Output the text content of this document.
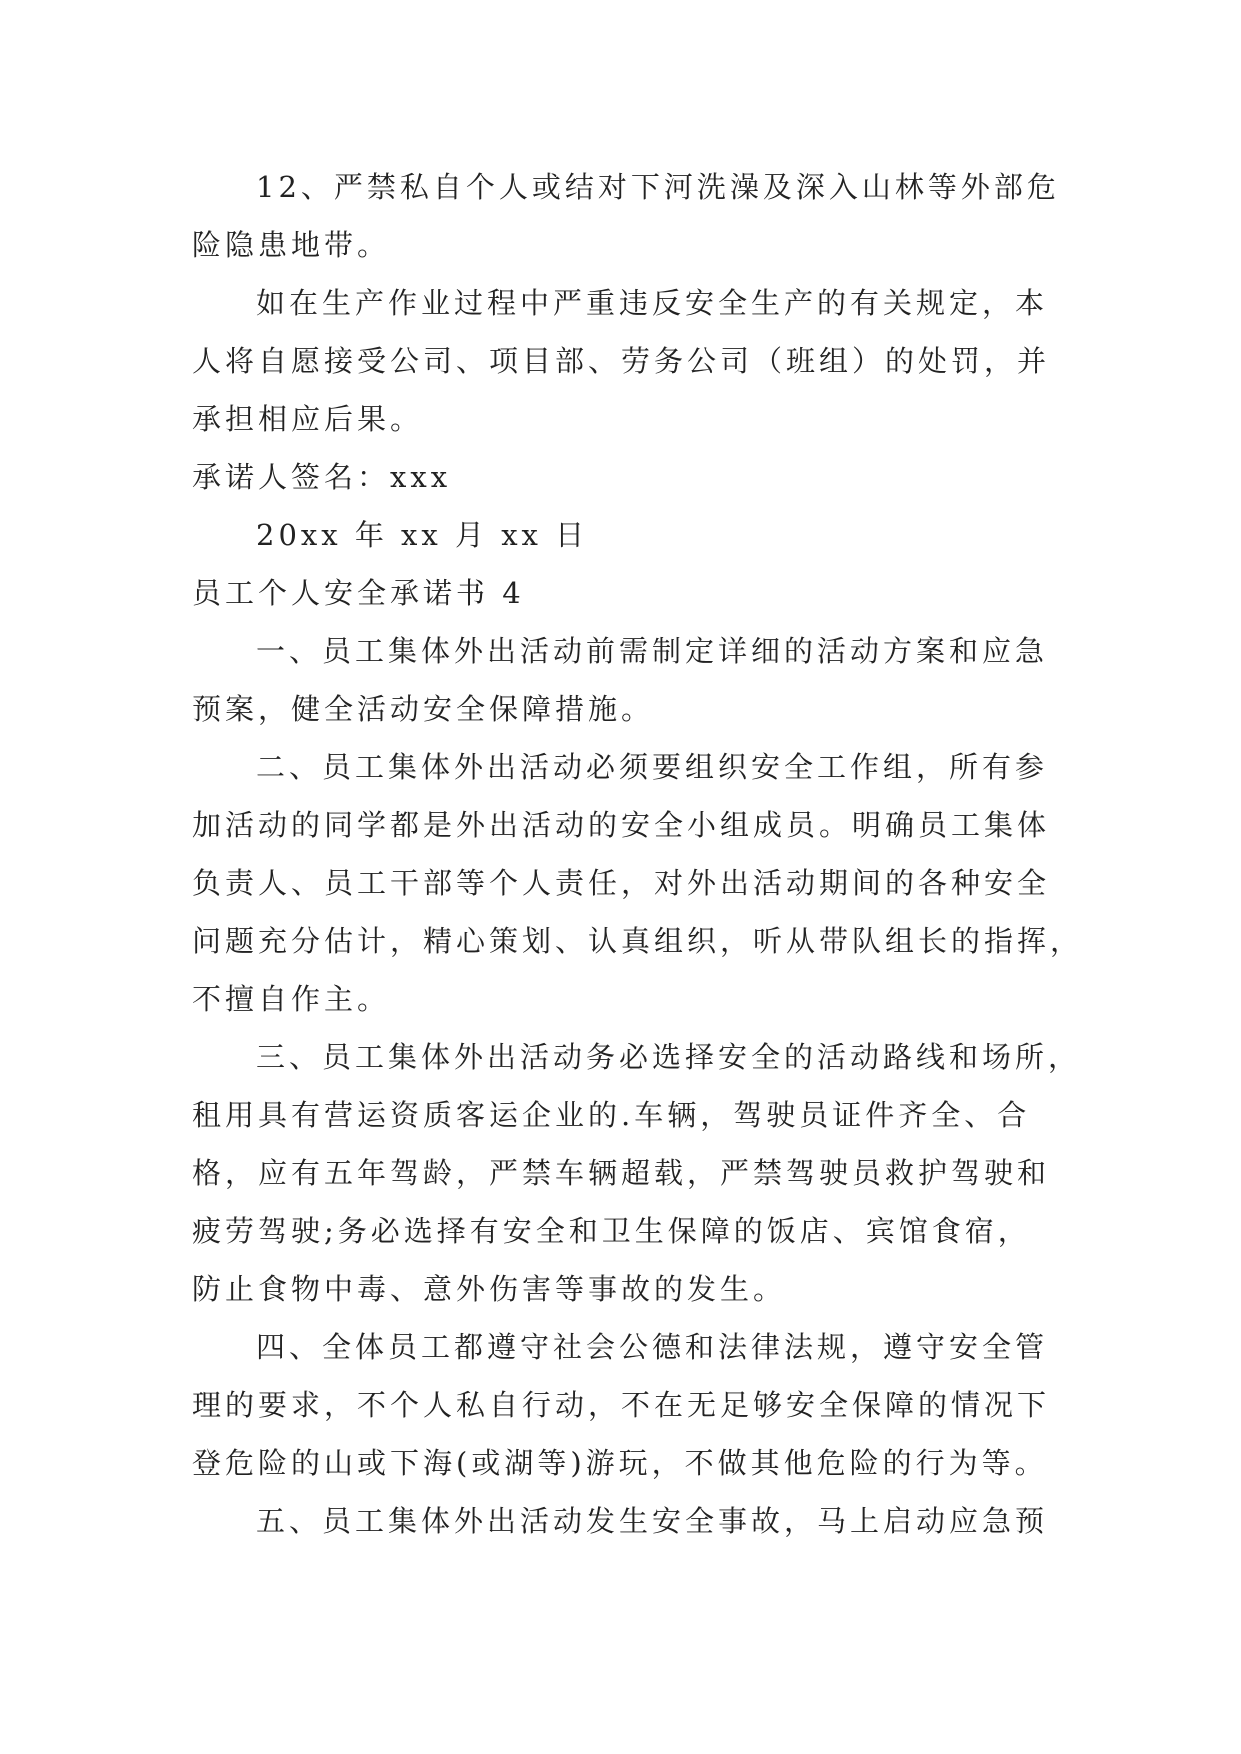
12、严禁私自个人或结对下河洗澡及深入山林等外部危
险隐患地带。
如在生产作业过程中严重违反安全生产的有关规定，本
人将自愿接受公司、项目部、劳务公司（班组）的处罚，并
承担相应后果。
承诺人签名：xxx
20xx 年 xx 月 xx 日
员工个人安全承诺书 4
一、员工集体外出活动前需制定详细的活动方案和应急
预案，健全活动安全保障措施。
二、员工集体外出活动必须要组织安全工作组，所有参
加活动的同学都是外出活动的安全小组成员。明确员工集体
负责人、员工干部等个人责任，对外出活动期间的各种安全
问题充分估计，精心策划、认真组织，听从带队组长的指挥，
不擅自作主。
三、员工集体外出活动务必选择安全的活动路线和场所，
租用具有营运资质客运企业的.车辆，驾驶员证件齐全、合
格，应有五年驾龄，严禁车辆超载，严禁驾驶员救护驾驶和
疲劳驾驶;务必选择有安全和卫生保障的饭店、宾馆食宿，
防止食物中毒、意外伤害等事故的发生。
四、全体员工都遵守社会公德和法律法规，遵守安全管
理的要求，不个人私自行动，不在无足够安全保障的情况下
登危险的山或下海(或湖等)游玩，不做其他危险的行为等。
五、员工集体外出活动发生安全事故，马上启动应急预
